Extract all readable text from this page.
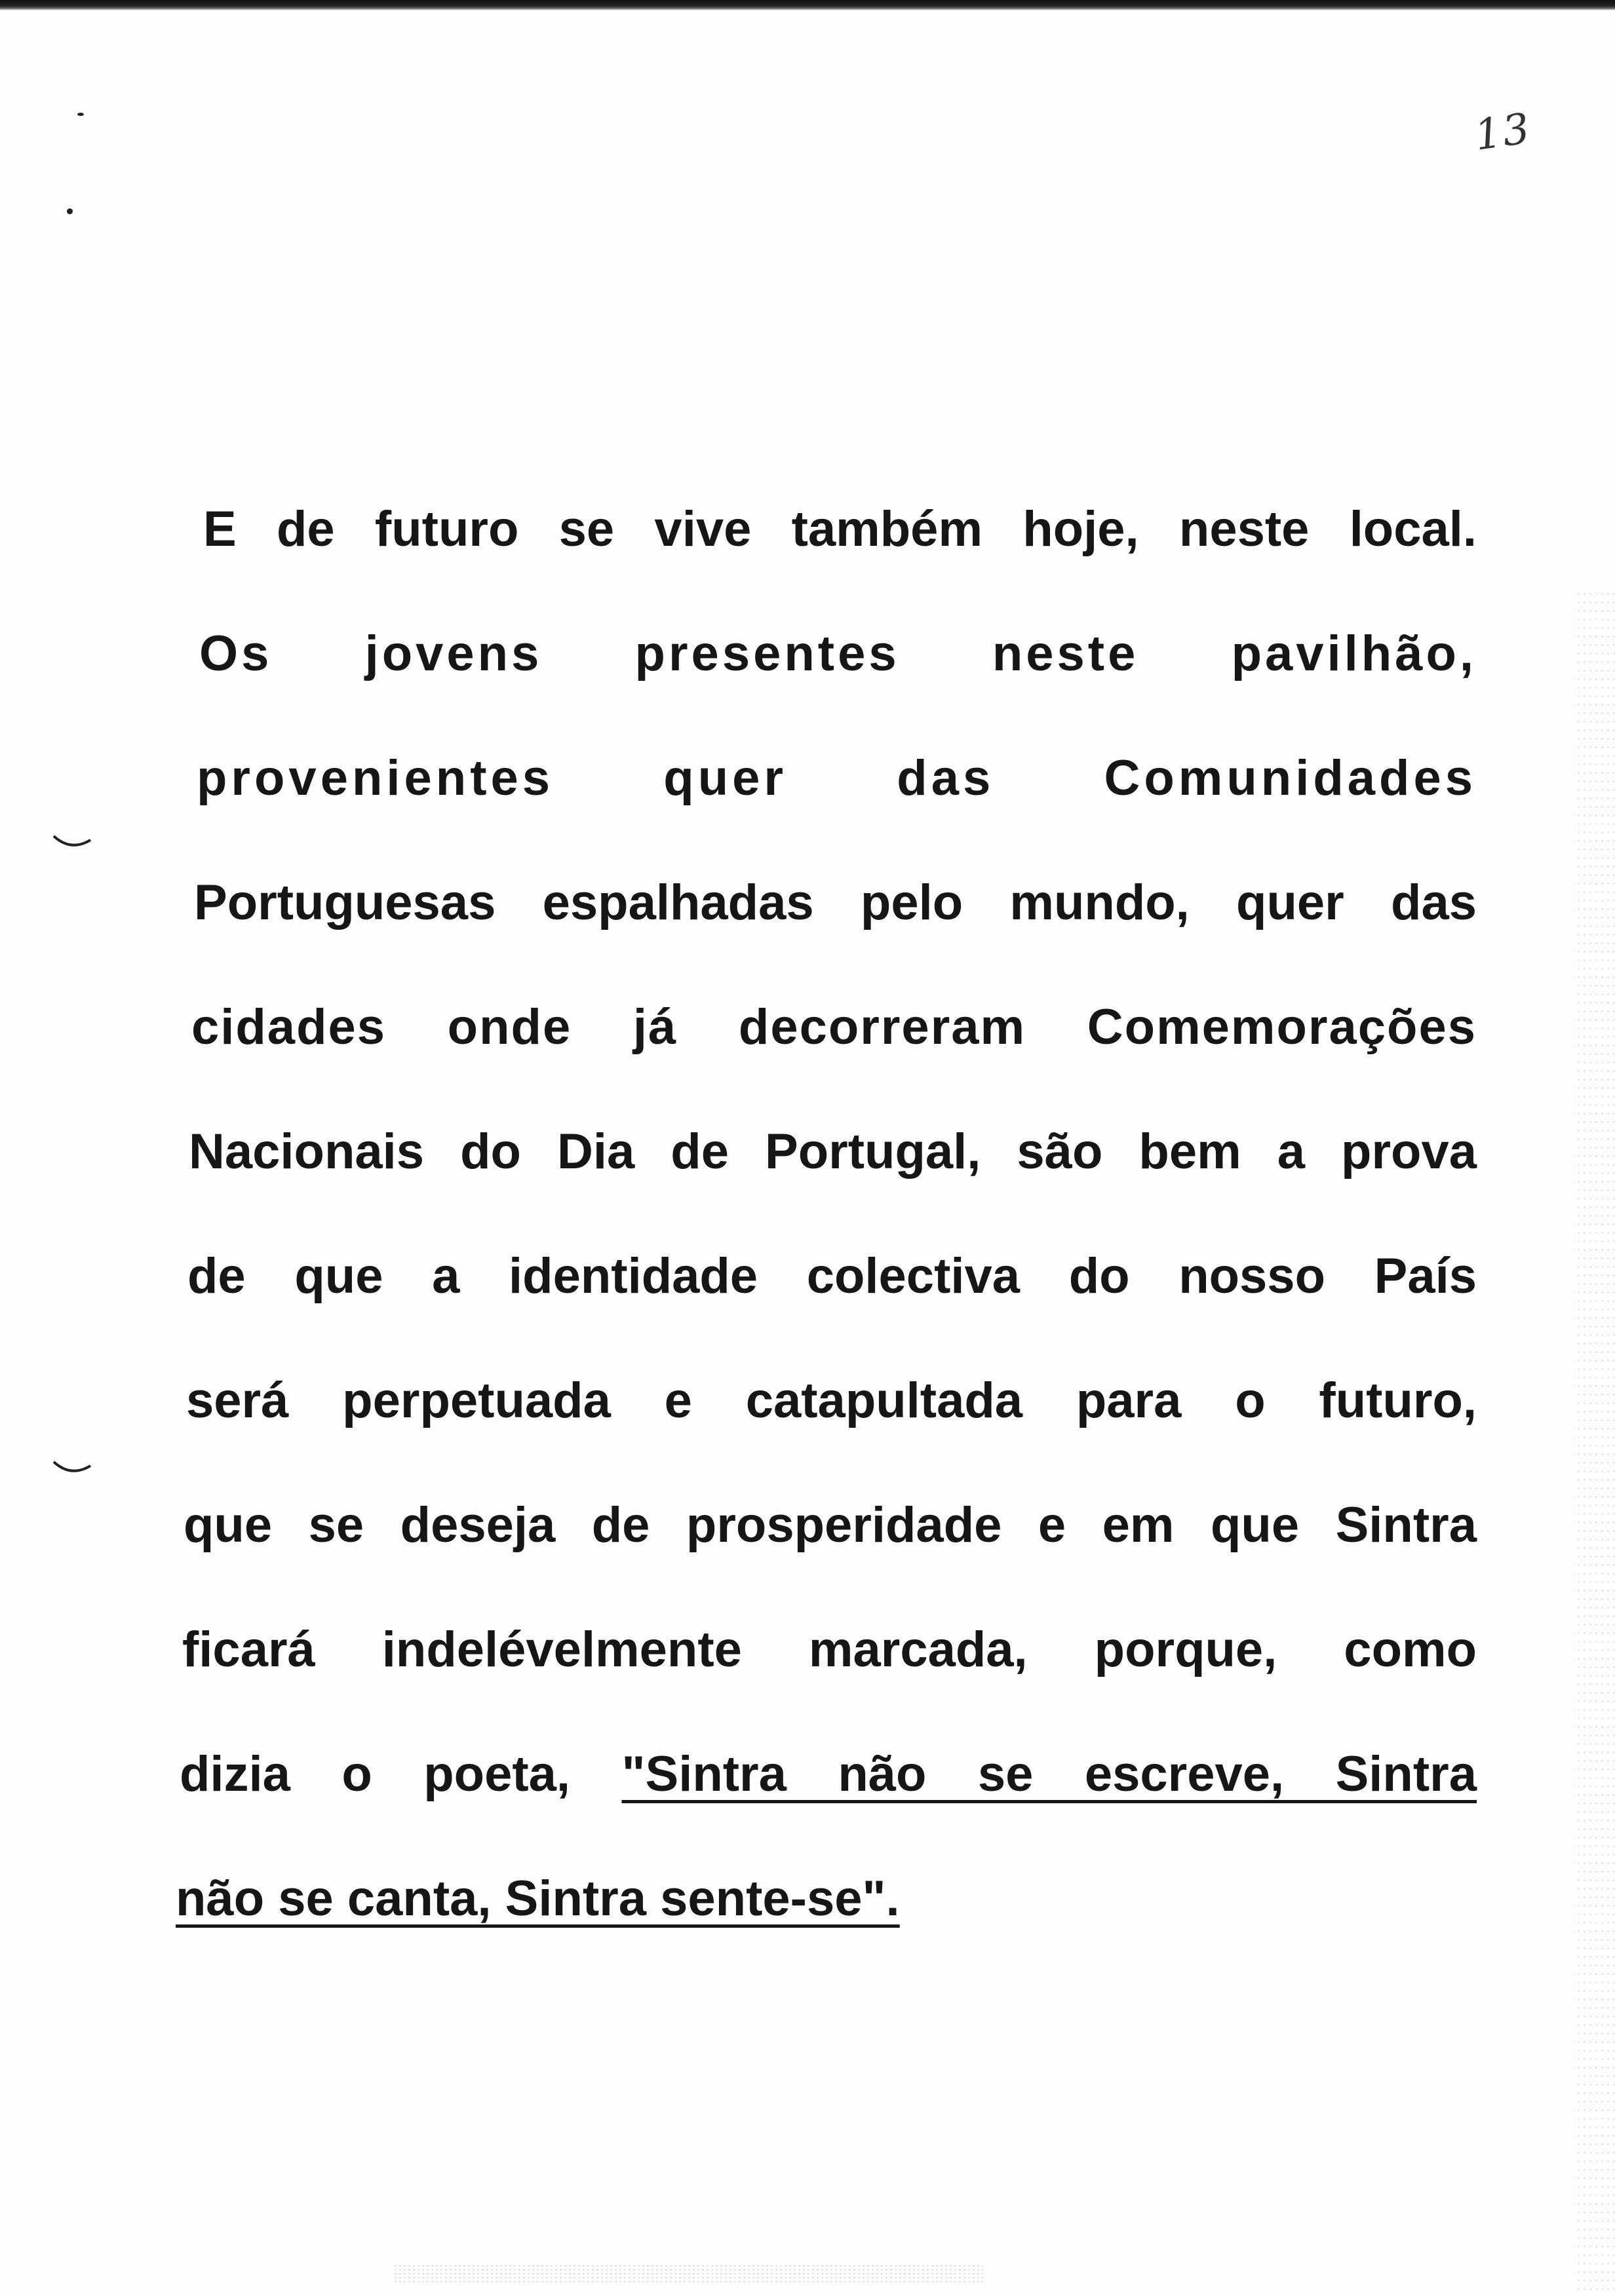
13
E de futuro se vive também hoje, neste local.
Os jovens presentes neste pavilhão,
provenientes quer das Comunidades
Portuguesas espalhadas pelo mundo, quer das
cidades onde já decorreram Comemorações
Nacionais do Dia de Portugal, são bem a prova
de que a identidade colectiva do nosso País
será perpetuada e catapultada para o futuro,
que se deseja de prosperidade e em que Sintra
ficará indelévelmente marcada, porque, como
dizia o poeta, "Sintra não se escreve, Sintra
não se canta, Sintra sente-se".
